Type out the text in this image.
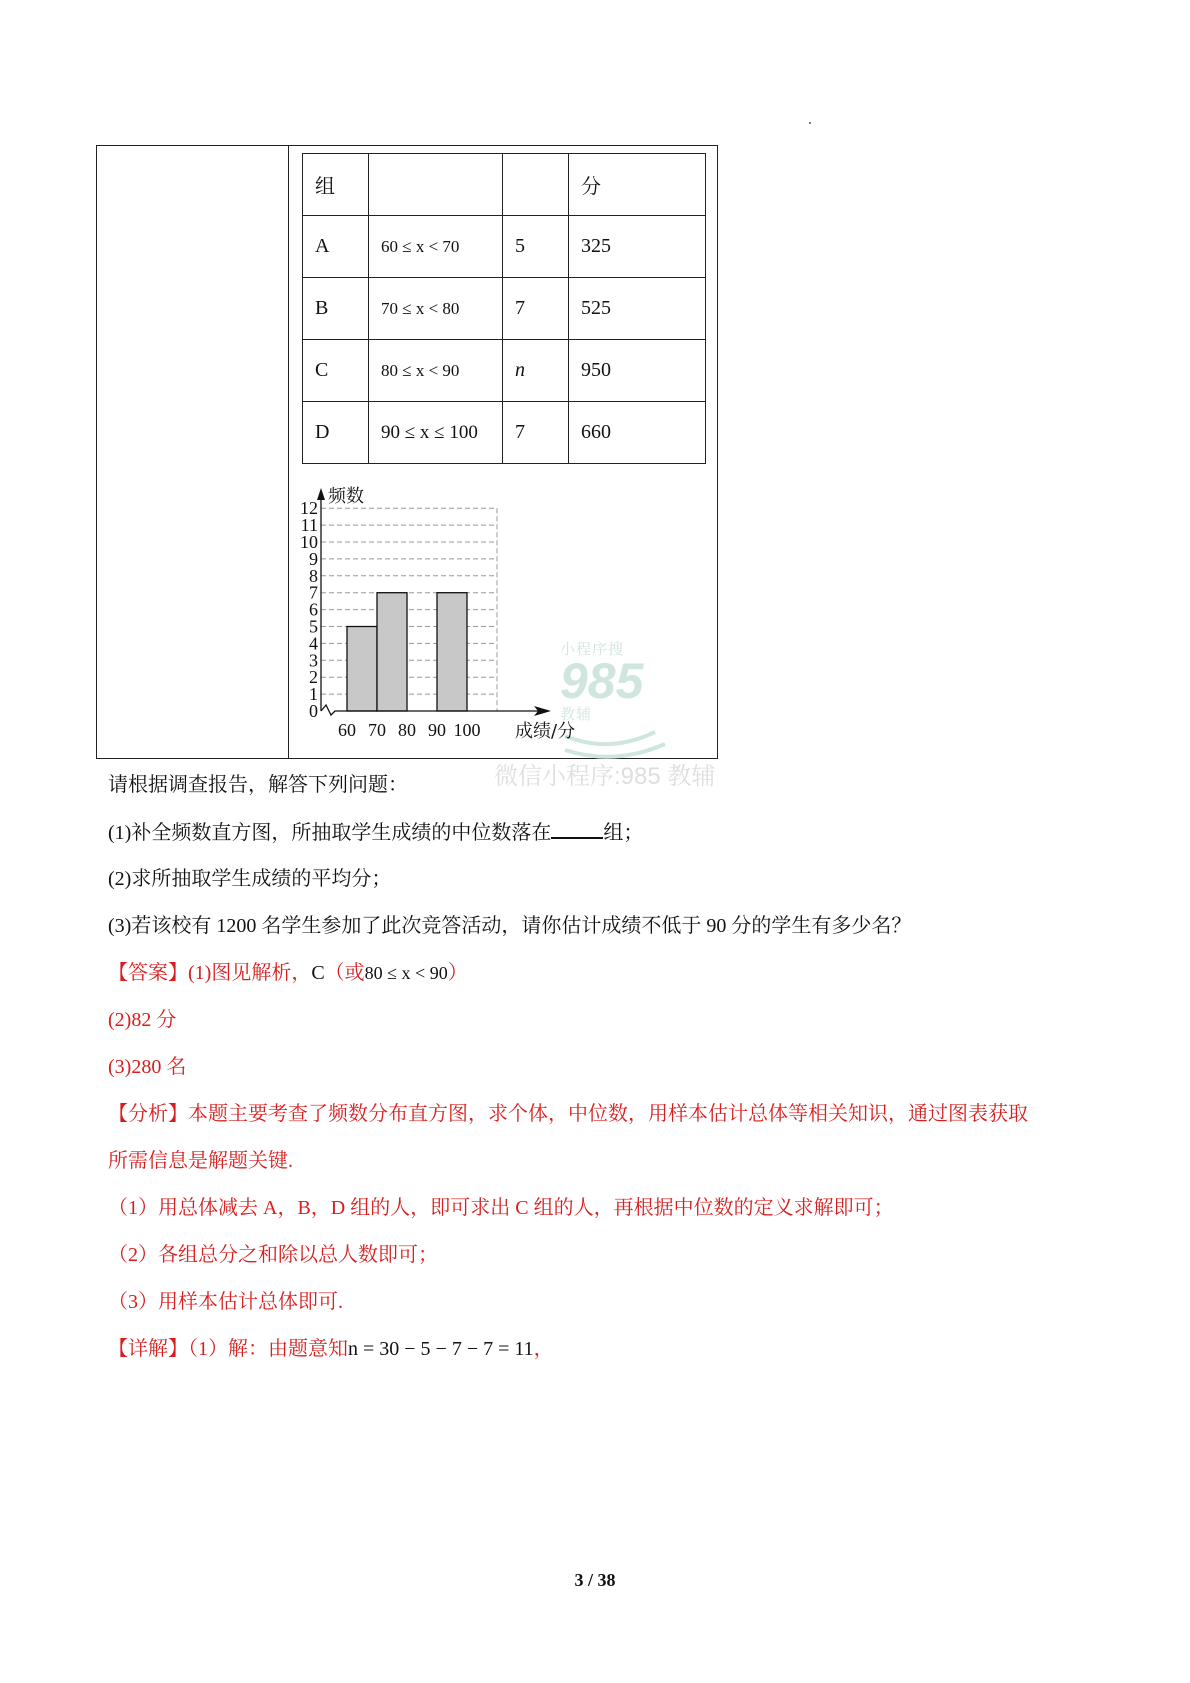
组			分
A	60 ≤ x < 70	5	325
B	70 ≤ x < 80	7	525
C	80 ≤ x < 90	n	950
D	90 ≤ x ≤ 100	7	660
小程序搜
985
教辅
0
1
2
3
4
5
6
7
8
9
10
11
12
60 70 80 90 100
频数
成绩/分
微信小程序:985 教辅
请根据调查报告，解答下列问题：
(1)补全频数直方图，所抽取学生成绩的中位数落在	组；
(2)求所抽取学生成绩的平均分；
(3)若该校有 1200 名学生参加了此次竞答活动，请你估计成绩不低于 90 分的学生有多少名？
【答案】(1)图见解析，C（或80 ≤ x < 90）
(2)82 分
(3)280 名
【分析】本题主要考查了频数分布直方图，求个体，中位数，用样本估计总体等相关知识，通过图表获取
所需信息是解题关键.
（1）用总体减去 A，B，D 组的人，即可求出 C 组的人，再根据中位数的定义求解即可；
（2）各组总分之和除以总人数即可；
（3）用样本估计总体即可.
【详解】（1）解：由题意知n = 30 − 5 − 7 − 7 = 11，
3 / 38
